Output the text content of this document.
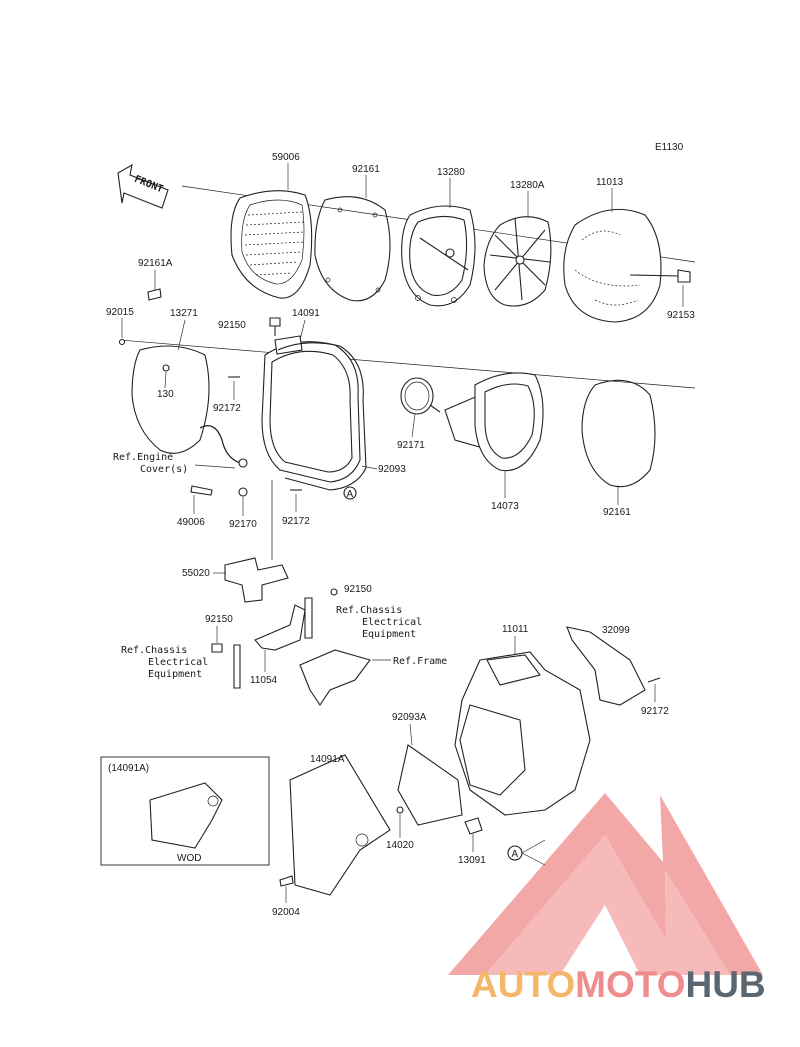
AUTOMOTOHUB
E1130
FRONT
59006
92161	13280
13280A	11013
92153
92161A
92015	13271
130
92150
14091
92093
92172
92172
A
92171
14073
92161
Ref.Engine
Cover(s)
49006 92170
55020
92150
92150
Ref.Chassis
Electrical
Equipment
Ref.Chassis
Electrical
Equipment
11054
Ref.Frame
11011	32099
92172
92093A
14020
13091
A
14091A
92004
(14091A)
WOD
